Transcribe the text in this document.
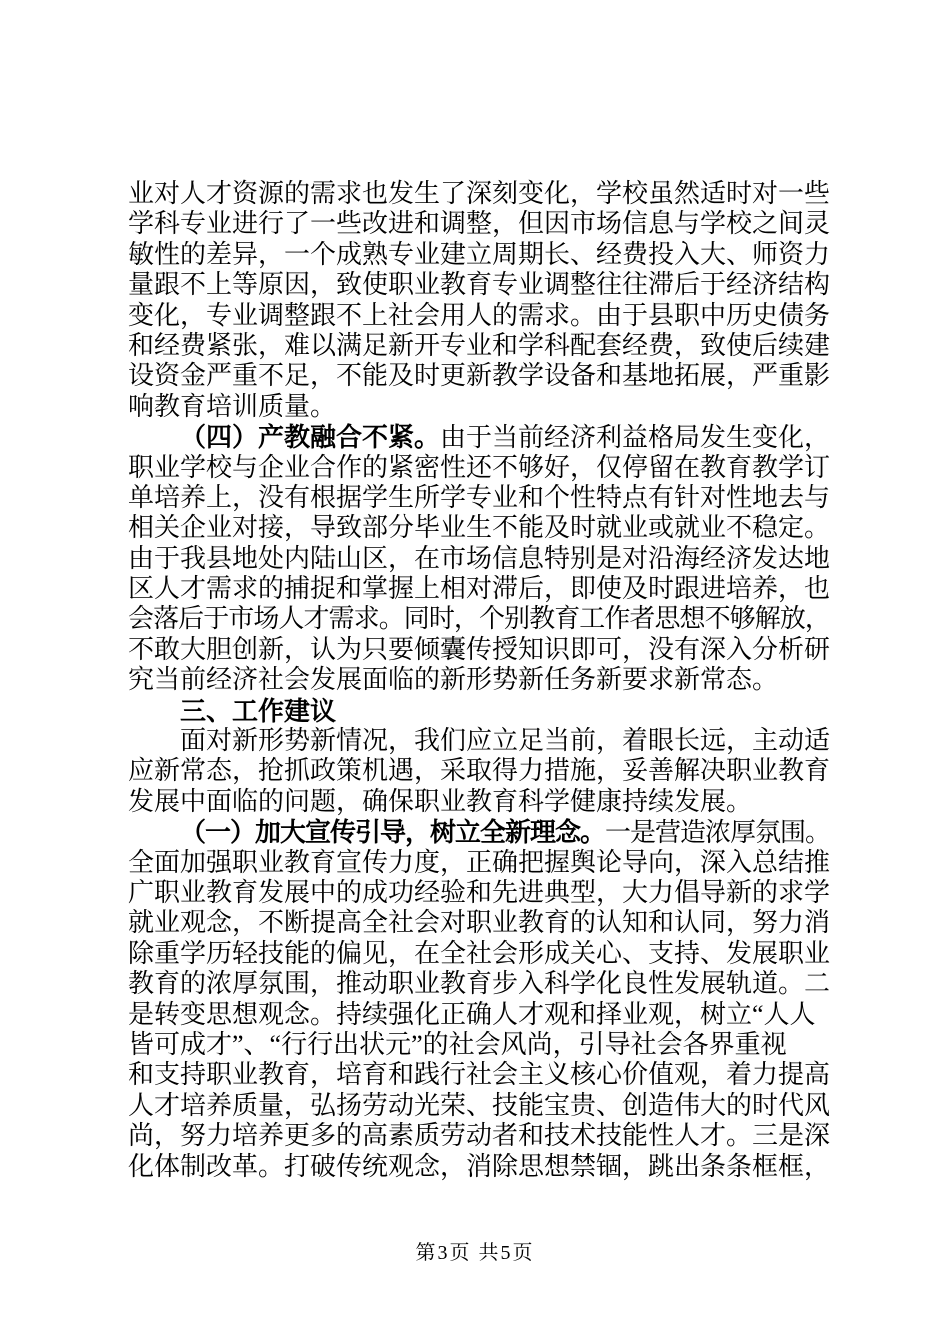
业对人才资源的需求也发生了深刻变化，学校虽然适时对一些
学科专业进行了一些改进和调整，但因市场信息与学校之间灵
敏性的差异，一个成熟专业建立周期长、经费投入大、师资力
量跟不上等原因，致使职业教育专业调整往往滞后于经济结构
变化，专业调整跟不上社会用人的需求。由于县职中历史债务
和经费紧张，难以满足新开专业和学科配套经费，致使后续建
设资金严重不足，不能及时更新教学设备和基地拓展，严重影
响教育培训质量。
（四）产教融合不紧。由于当前经济利益格局发生变化，
职业学校与企业合作的紧密性还不够好，仅停留在教育教学订
单培养上，没有根据学生所学专业和个性特点有针对性地去与
相关企业对接，导致部分毕业生不能及时就业或就业不稳定。
由于我县地处内陆山区，在市场信息特别是对沿海经济发达地
区人才需求的捕捉和掌握上相对滞后，即使及时跟进培养，也
会落后于市场人才需求。同时，个别教育工作者思想不够解放，
不敢大胆创新，认为只要倾囊传授知识即可，没有深入分析研
究当前经济社会发展面临的新形势新任务新要求新常态。
三、工作建议
面对新形势新情况，我们应立足当前，着眼长远，主动适
应新常态，抢抓政策机遇，采取得力措施，妥善解决职业教育
发展中面临的问题，确保职业教育科学健康持续发展。
（一）加大宣传引导，树立全新理念。一是营造浓厚氛围。
全面加强职业教育宣传力度，正确把握舆论导向，深入总结推
广职业教育发展中的成功经验和先进典型，大力倡导新的求学
就业观念，不断提高全社会对职业教育的认知和认同，努力消
除重学历轻技能的偏见，在全社会形成关心、支持、发展职业
教育的浓厚氛围，推动职业教育步入科学化良性发展轨道。二
是转变思想观念。持续强化正确人才观和择业观，树立“人人
皆可成才”、“行行出状元”的社会风尚，引导社会各界重视
和支持职业教育，培育和践行社会主义核心价值观，着力提高
人才培养质量，弘扬劳动光荣、技能宝贵、创造伟大的时代风
尚，努力培养更多的高素质劳动者和技术技能性人才。三是深
化体制改革。打破传统观念，消除思想禁锢，跳出条条框框，
第3页 共5页
